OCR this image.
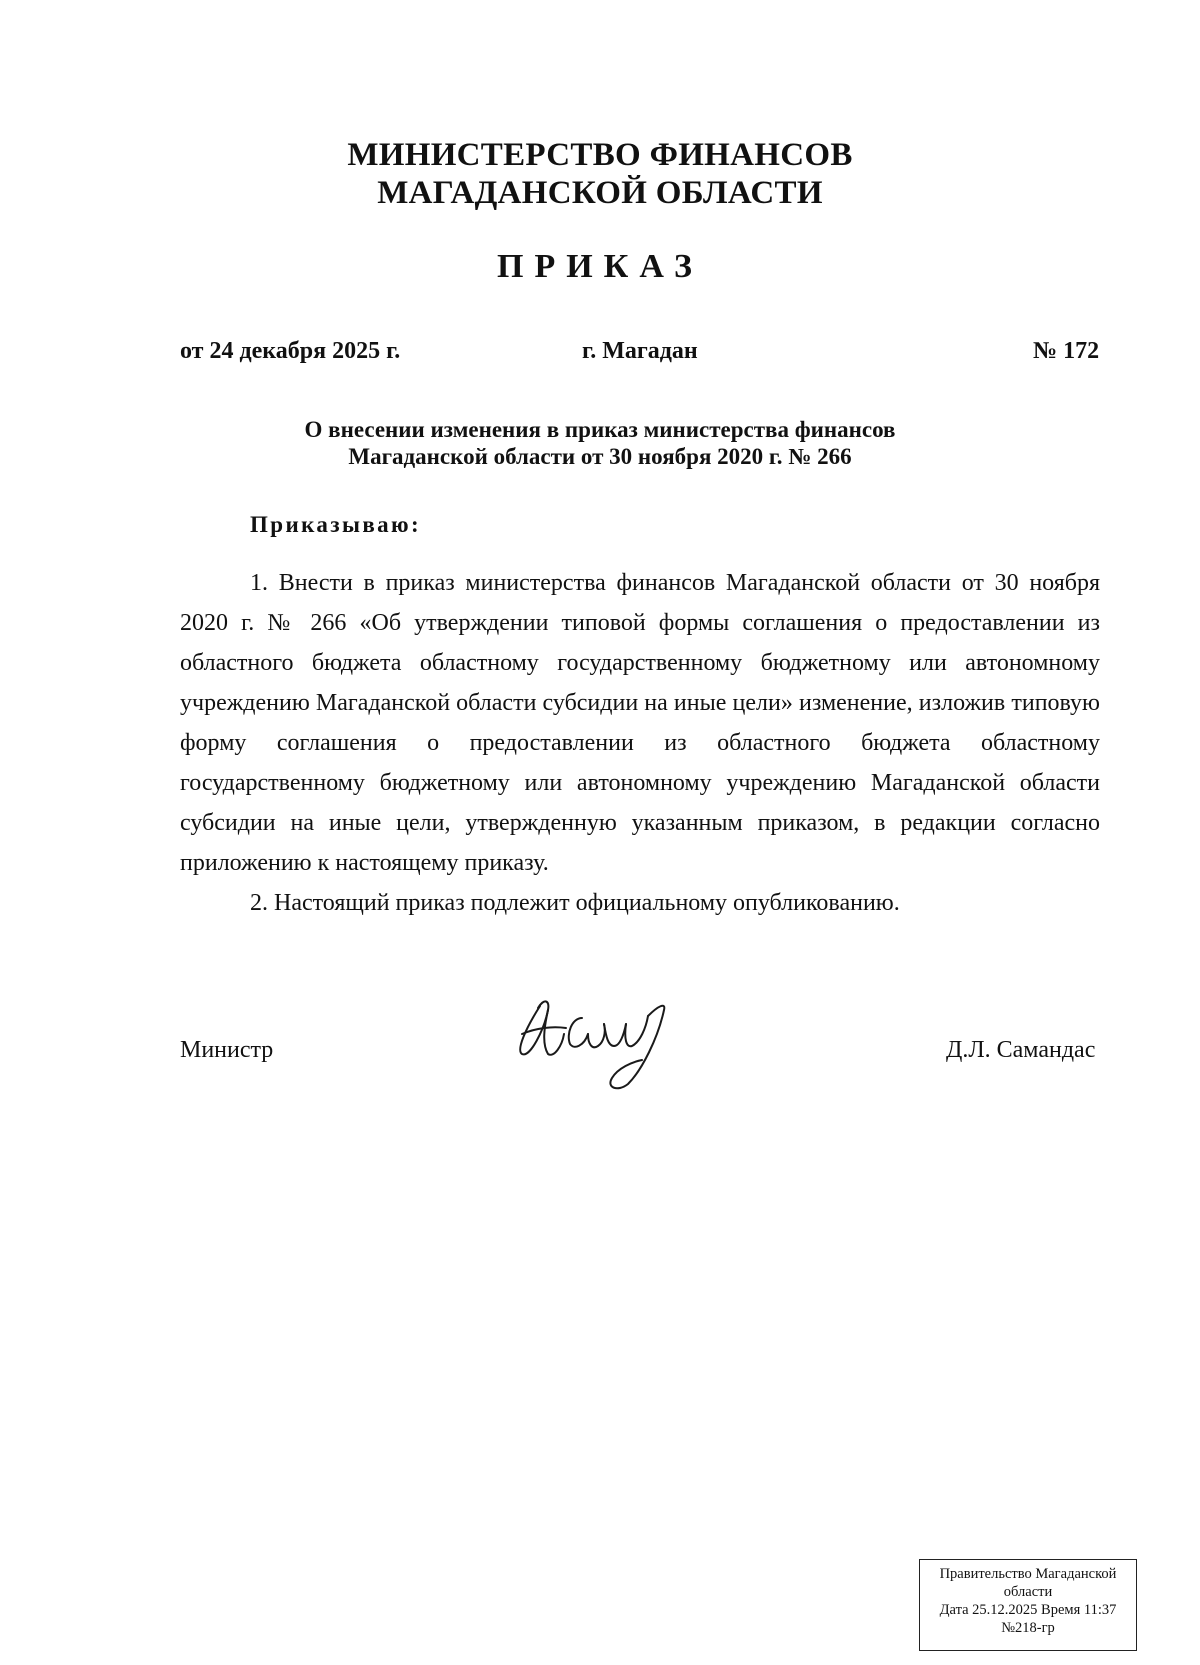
МИНИСТЕРСТВО ФИНАНСОВ
МАГАДАНСКОЙ ОБЛАСТИ
ПРИКАЗ
от 24 декабря 2025 г.	г. Магадан	№ 172
О внесении изменения в приказ министерства финансов
Магаданской области от 30 ноября 2020 г. № 266
Приказываю:

1. Внести в приказ министерства финансов Магаданской области от 30 ноября 2020 г. № 266 «Об утверждении типовой формы соглашения о предоставлении из областного бюджета областному государственному бюджетному или автономному учреждению Магаданской области субсидии на иные цели» изменение, изложив типовую форму соглашения о предоставлении из областного бюджета областному государственному бюджетному или автономному учреждению Магаданской области субсидии на иные цели, утвержденную указанным приказом, в редакции согласно приложению к настоящему приказу.

2. Настоящий приказ подлежит официальному опубликованию.

Министр	Д.Л. Самандас
Правительство Магаданской
области
Дата 25.12.2025 Время 11:37
№218-гр
